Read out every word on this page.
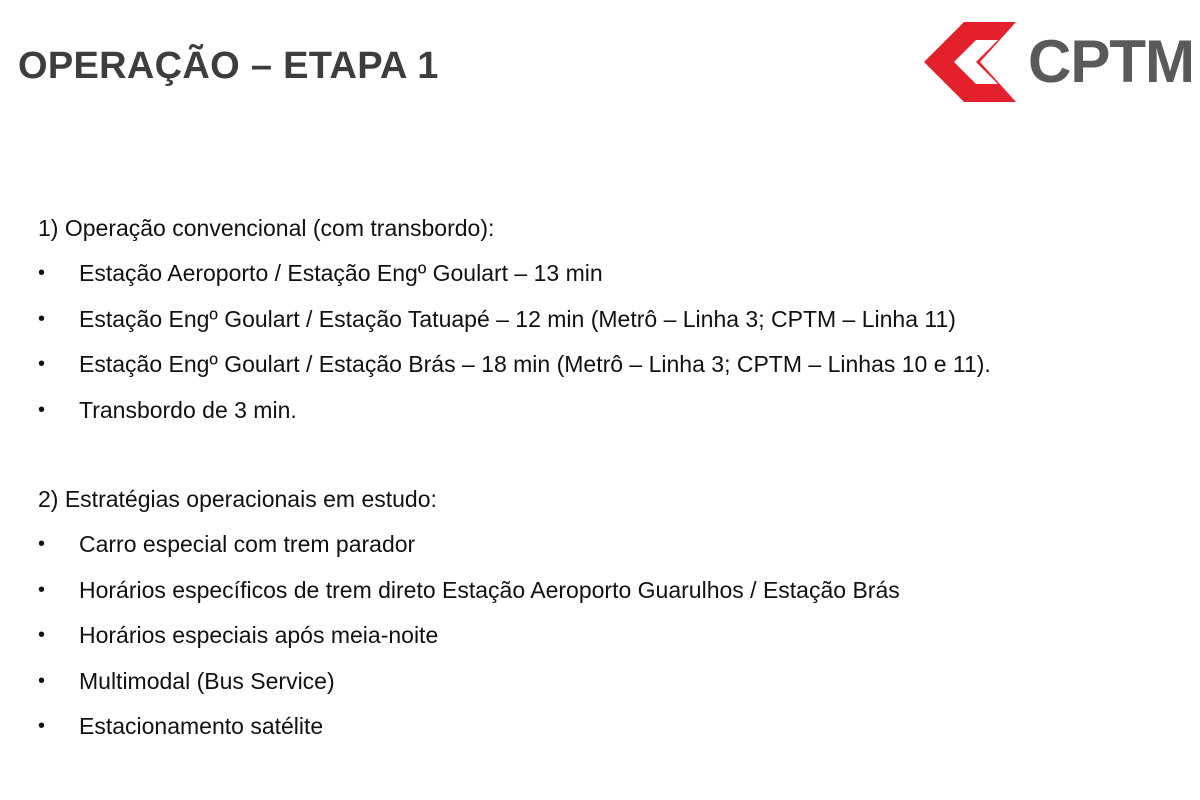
OPERAÇÃO – ETAPA 1	CPTM
1) Operação convencional (com transbordo):
• Estação Aeroporto / Estação Engº Goulart – 13 min
• Estação Engº Goulart / Estação Tatuapé – 12 min (Metrô – Linha 3; CPTM – Linha 11)
• Estação Engº Goulart / Estação Brás – 18 min (Metrô – Linha 3; CPTM – Linhas 10 e 11).
• Transbordo de 3 min.
2) Estratégias operacionais em estudo:
• Carro especial com trem parador
• Horários específicos de trem direto Estação Aeroporto Guarulhos / Estação Brás
• Horários especiais após meia-noite
• Multimodal (Bus Service)
• Estacionamento satélite
